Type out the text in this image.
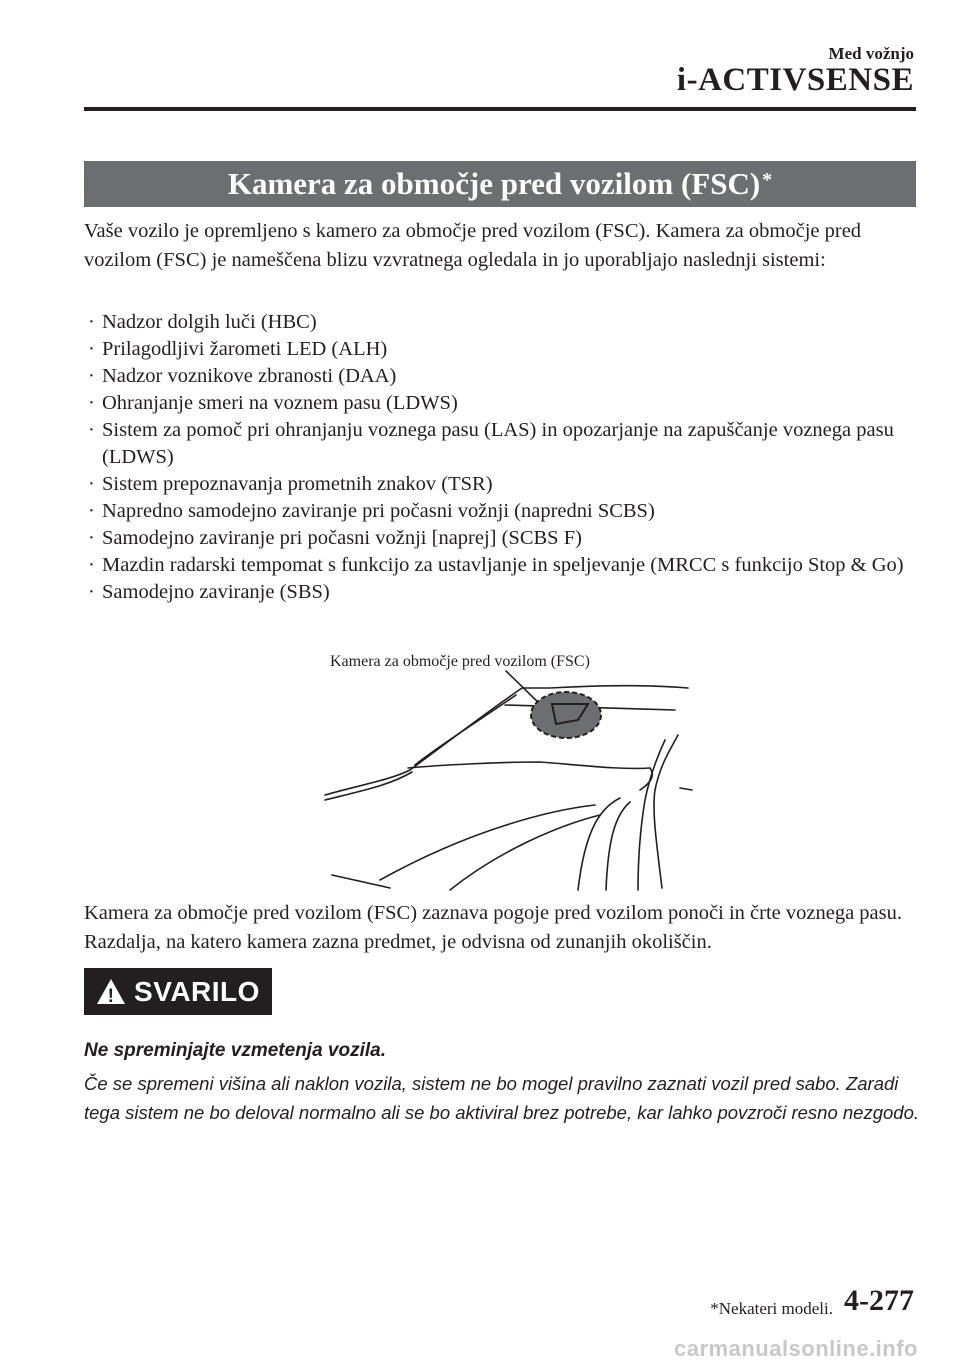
Med vožnjo
i-ACTIVSENSE
Kamera za območje pred vozilom (FSC)*
Vaše vozilo je opremljeno s kamero za območje pred vozilom (FSC). Kamera za območje pred vozilom (FSC) je nameščena blizu vzvratnega ogledala in jo uporabljajo naslednji sistemi:
· Nadzor dolgih luči (HBC)
· Prilagodljivi žarometi LED (ALH)
· Nadzor voznikove zbranosti (DAA)
· Ohranjanje smeri na voznem pasu (LDWS)
· Sistem za pomoč pri ohranjanju voznega pasu (LAS) in opozarjanje na zapuščanje voznega pasu (LDWS)
· Sistem prepoznavanja prometnih znakov (TSR)
· Napredno samodejno zaviranje pri počasni vožnji (napredni SCBS)
· Samodejno zaviranje pri počasni vožnji [naprej] (SCBS F)
· Mazdin radarski tempomat s funkcijo za ustavljanje in speljevanje (MRCC s funkcijo Stop & Go)
· Samodejno zaviranje (SBS)
Kamera za območje pred vozilom (FSC)
Kamera za območje pred vozilom (FSC) zaznava pogoje pred vozilom ponoči in črte voznega pasu. Razdalja, na katero kamera zazna predmet, je odvisna od zunanjih okoliščin.
! SVARILO
Ne spreminjajte vzmetenja vozila.
Če se spremeni višina ali naklon vozila, sistem ne bo mogel pravilno zaznati vozil pred sabo. Zaradi tega sistem ne bo deloval normalno ali se bo aktiviral brez potrebe, kar lahko povzroči resno nezgodo.
*Nekateri modeli. 4-277
carmanualsonline.info
